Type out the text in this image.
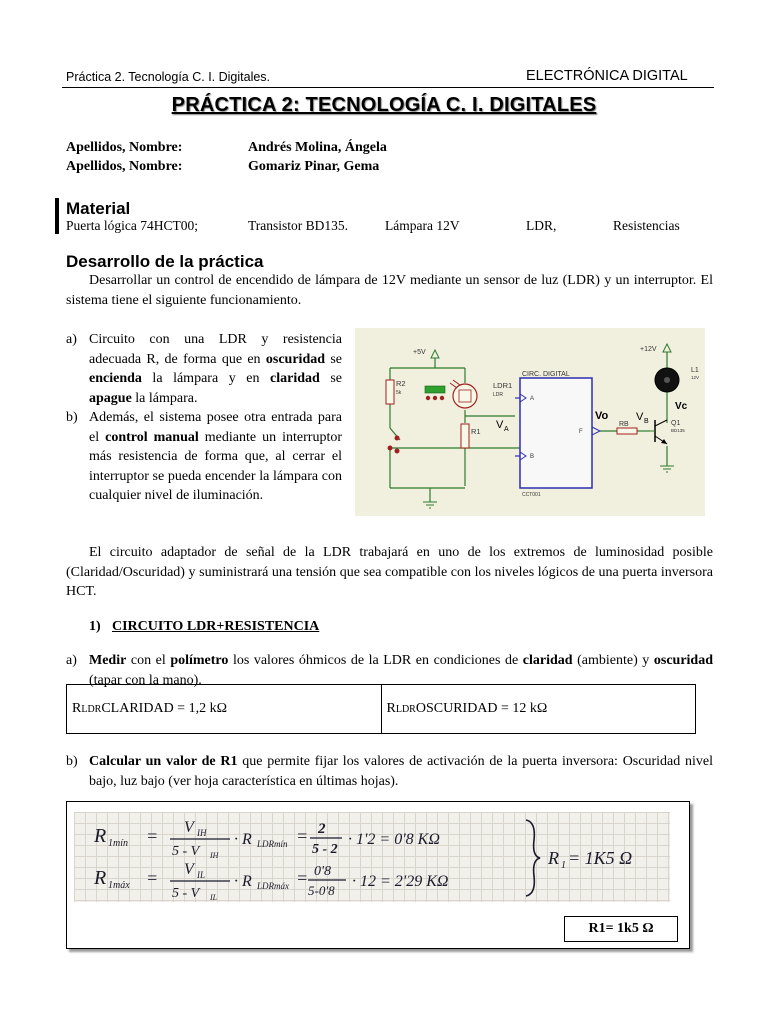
Práctica 2. Tecnología C. I. Digitales.	ELECTRÓNICA DIGITAL
PRÁCTICA 2: TECNOLOGÍA C. I. DIGITALES
Apellidos, Nombre:	Andrés Molina, Ángela
Apellidos, Nombre:	Gomariz Pinar, Gema
Material
Puerta lógica 74HCT00;	Transistor BD135.	Lámpara 12V	LDR,	Resistencias
Desarrollo de la práctica
Desarrollar un control de encendido de lámpara de 12V mediante un sensor de luz (LDR) y un interruptor. El sistema tiene el siguiente funcionamiento.
a) Circuito con una LDR y resistencia adecuada R, de forma que en oscuridad se encienda la lámpara y en claridad se apague la lámpara.
b) Además, el sistema posee otra entrada para el control manual mediante un interruptor más resistencia de forma que, al cerrar el interruptor se pueda encender la lámpara con cualquier nivel de iluminación.
+5V
R2
5k
LDR1
LDR
R1
V A
CIRC. DIGITAL
A
B
F
CCT001
Vo
RB
V B	Q1
BD135
Vc
L1
12V
+12V
El circuito adaptador de señal de la LDR trabajará en uno de los extremos de luminosidad posible (Claridad/Oscuridad) y suministrará una tensión que sea compatible con los niveles lógicos de una puerta inversora HCT.
1) CIRCUITO LDR+RESISTENCIA
a) Medir con el polímetro los valores óhmicos de la LDR en condiciones de claridad (ambiente) y oscuridad (tapar con la mano).
R LDR CLARIDAD = 1,2 kΩ	R LDR OSCURIDAD = 12 kΩ
b) Calcular un valor de R1 que permite fijar los valores de activación de la puerta inversora: Oscuridad nivel bajo, luz bajo (ver hoja característica en últimas hojas).
R 1mín = V IH
5 - V IH
· R LDRmín = 2
5 - 2
· 1'2 = 0'8 KΩ
R 1máx = V IL
5 - V IL
· R LDRmáx = 0'8
5-0'8
· 12 = 2'29 KΩ
R 1 = 1K5 Ω
R1= 1k5 Ω
